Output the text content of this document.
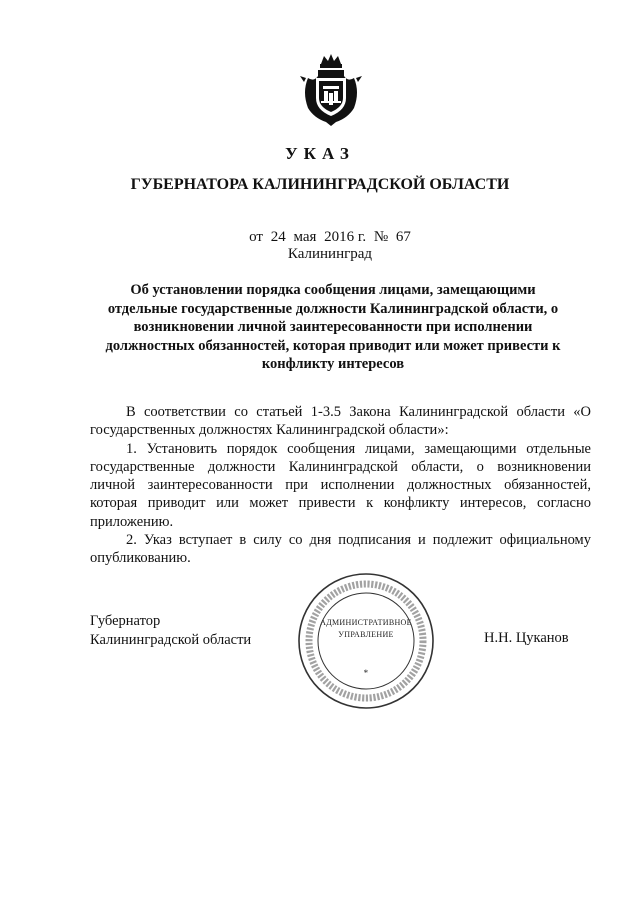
УКАЗ
ГУБЕРНАТОРА КАЛИНИНГРАДСКОЙ ОБЛАСТИ
от 24 мая 2016 г. № 67
Калининград
Об установлении порядка сообщения лицами, замещающими отдельные государственные должности Калининградской области, о возникновении личной заинтересованности при исполнении должностных обязанностей, которая приводит или может привести к конфликту интересов

В соответствии со статьей 1-3.5 Закона Калининградской области «О государственных должностях Калининградской области»:

1. Установить порядок сообщения лицами, замещающими отдельные государственные должности Калининградской области, о возникновении личной заинтересованности при исполнении должностных обязанностей, которая приводит или может привести к конфликту интересов, согласно приложению.

2. Указ вступает в силу со дня подписания и подлежит официальному опубликованию.

Губернатор
Калининградской области	Н.Н. Цуканов
АДМИНИСТРАТИВНОЕ
УПРАВЛЕНИЕ
*
